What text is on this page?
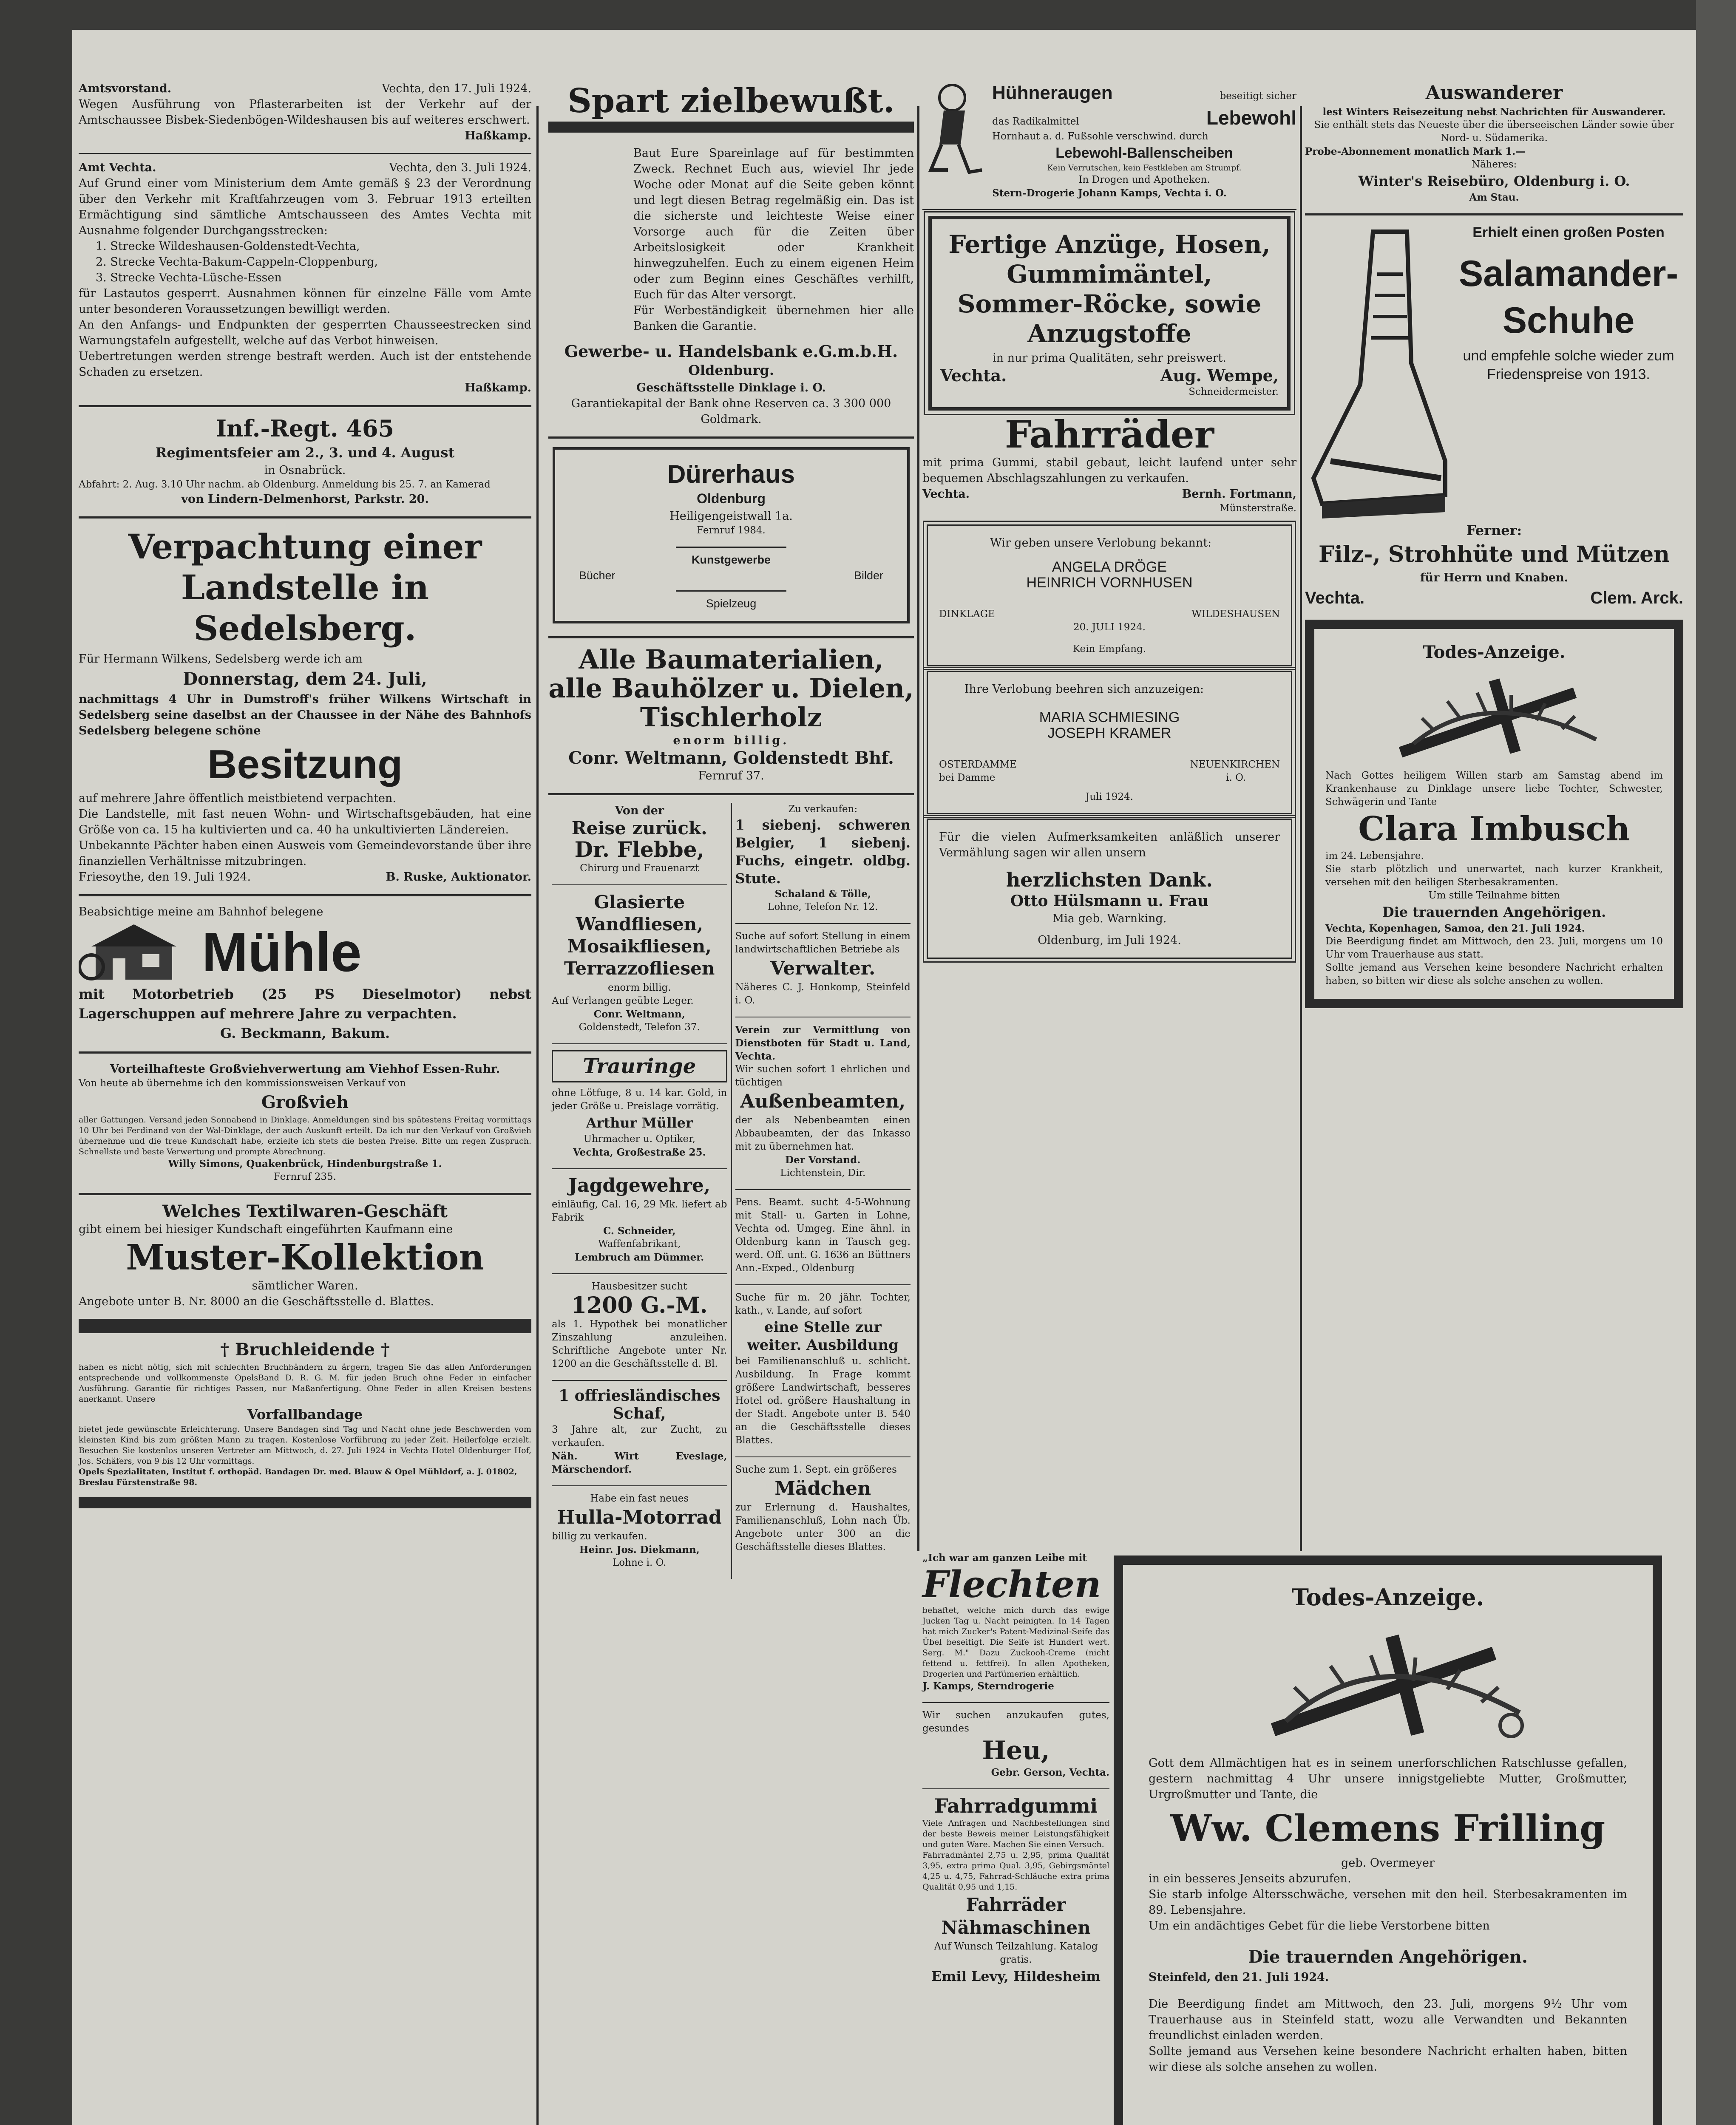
Amtsvorstand.	Vechta, den 17. Juli 1924.

Wegen Ausführung von Pflasterarbeiten ist der Verkehr auf der Amtschaussee Bisbek-Siedenbögen-Wildeshausen bis auf weiteres erschwert.

Haßkamp.

Amt Vechta.	Vechta, den 3. Juli 1924.

Auf Grund einer vom Ministerium dem Amte gemäß § 23 der Verordnung über den Verkehr mit Kraftfahrzeugen vom 3. Februar 1913 erteilten Ermächtigung sind sämtliche Amtschausseen des Amtes Vechta mit Ausnahme folgender Durchgangsstrecken:

1. Strecke Wildeshausen-Goldenstedt-Vechta,

2. Strecke Vechta-Bakum-Cappeln-Cloppenburg,

3. Strecke Vechta-Lüsche-Essen

für Lastautos gesperrt. Ausnahmen können für einzelne Fälle vom Amte unter besonderen Voraussetzungen bewilligt werden.

An den Anfangs- und Endpunkten der gesperrten Chausseestrecken sind Warnungstafeln aufgestellt, welche auf das Verbot hinweisen.

Uebertretungen werden strenge bestraft werden. Auch ist der entstehende Schaden zu ersetzen.

Haßkamp.

Inf.-Regt. 465

Regimentsfeier am 2., 3. und 4. August

in Osnabrück.

Abfahrt: 2. Aug. 3.10 Uhr nachm. ab Oldenburg. Anmeldung bis 25. 7. an Kamerad

von Lindern-Delmenhorst, Parkstr. 20.

Verpachtung einer Landstelle in Sedelsberg.

Für Hermann Wilkens, Sedelsberg werde ich am

Donnerstag, dem 24. Juli,

nachmittags 4 Uhr in Dumstroff's früher Wilkens Wirtschaft in Sedelsberg seine daselbst an der Chaussee in der Nähe des Bahnhofs Sedelsberg belegene schöne

Besitzung

auf mehrere Jahre öffentlich meistbietend verpachten.

Die Landstelle, mit fast neuen Wohn- und Wirtschaftsgebäuden, hat eine Größe von ca. 15 ha kultivierten und ca. 40 ha unkultivierten Ländereien.

Unbekannte Pächter haben einen Ausweis vom Gemeindevorstande über ihre finanziellen Verhältnisse mitzubringen.

Friesoythe, den 19. Juli 1924.	B. Ruske, Auktionator.

Beabsichtige meine am Bahnhof belegene

Mühle

mit Motorbetrieb (25 PS Dieselmotor) nebst Lagerschuppen auf mehrere Jahre zu verpachten.

G. Beckmann, Bakum.

Vorteilhafteste Großviehverwertung am Viehhof Essen-Ruhr.

Von heute ab übernehme ich den kommissionsweisen Verkauf von

Großvieh

aller Gattungen. Versand jeden Sonnabend in Dinklage. Anmeldungen sind bis spätestens Freitag vormittags 10 Uhr bei Ferdinand von der Wal-Dinklage, der auch Auskunft erteilt. Da ich nur den Verkauf von Großvieh übernehme und die treue Kundschaft habe, erzielte ich stets die besten Preise. Bitte um regen Zuspruch. Schnellste und beste Verwertung und prompte Abrechnung.

Willy Simons, Quakenbrück, Hindenburgstraße 1.

Fernruf 235.

Welches Textilwaren-Geschäft

gibt einem bei hiesiger Kundschaft eingeführten Kaufmann eine

Muster-Kollektion

sämtlicher Waren.

Angebote unter B. Nr. 8000 an die Geschäftsstelle d. Blattes.

† Bruchleidende †

haben es nicht nötig, sich mit schlechten Bruchbändern zu ärgern, tragen Sie das allen Anforderungen entsprechende und vollkommenste OpelsBand D. R. G. M. für jeden Bruch ohne Feder in einfacher Ausführung. Garantie für richtiges Passen, nur Maßanfertigung. Ohne Feder in allen Kreisen bestens anerkannt. Unsere

Vorfallbandage

bietet jede gewünschte Erleichterung. Unsere Bandagen sind Tag und Nacht ohne jede Beschwerden vom kleinsten Kind bis zum größten Mann zu tragen. Kostenlose Vorführung zu jeder Zeit. Heilerfolge erzielt. Besuchen Sie kostenlos unseren Vertreter am Mittwoch, d. 27. Juli 1924 in Vechta Hotel Oldenburger Hof, Jos. Schäfers, von 9 bis 12 Uhr vormittags.

Opels Spezialitaten, Institut f. orthopäd. Bandagen Dr. med. Blauw & Opel Mühldorf, a. J. 01802,

Breslau Fürstenstraße 98.

Spart zielbewußt.

Baut Eure Spareinlage auf für bestimmten Zweck. Rechnet Euch aus, wieviel Ihr jede Woche oder Monat auf die Seite geben könnt und legt diesen Betrag regelmäßig ein. Das ist die sicherste und leichteste Weise einer Vorsorge auch für die Zeiten über Arbeitslosigkeit oder Krankheit hinwegzuhelfen. Euch zu einem eigenen Heim oder zum Beginn eines Geschäftes verhilft, Euch für das Alter versorgt.

Für Werbeständigkeit übernehmen hier alle Banken die Garantie.

Gewerbe- u. Handelsbank e.G.m.b.H.

Oldenburg.

Geschäftsstelle Dinklage i. O.

Garantiekapital der Bank ohne Reserven ca. 3 300 000 Goldmark.

Dürerhaus

Oldenburg

Heiligengeistwall 1a.

Fernruf 1984.

Kunstgewerbe

Bücher	Bilder

Spielzeug

Alle Baumaterialien,

alle Bauhölzer u. Dielen,

Tischlerholz

enorm billig.

Conr. Weltmann, Goldenstedt Bhf.

Fernruf 37.

Von der

Reise zurück.

Dr. Flebbe,

Chirurg und Frauenarzt

Glasierte Wandfliesen, Mosaikfliesen, Terrazzofliesen

enorm billig.

Auf Verlangen geübte Leger.

Conr. Weltmann,

Goldenstedt, Telefon 37.

Trauringe

ohne Lötfuge, 8 u. 14 kar. Gold, in jeder Größe u. Preislage vorrätig.

Arthur Müller

Uhrmacher u. Optiker,

Vechta, Großestraße 25.

Jagdgewehre,

einläufig, Cal. 16, 29 Mk. liefert ab Fabrik

C. Schneider,

Waffenfabrikant,

Lembruch am Dümmer.

Hausbesitzer sucht

1200 G.-M.

als 1. Hypothek bei monatlicher Zinszahlung anzuleihen. Schriftliche Angebote unter Nr. 1200 an die Geschäftsstelle d. Bl.

1 offriesländisches Schaf,

3 Jahre alt, zur Zucht, zu verkaufen.

Näh. Wirt Eveslage, Märschendorf.

Habe ein fast neues

Hulla-Motorrad

billig zu verkaufen.

Heinr. Jos. Diekmann,

Lohne i. O.

Zu verkaufen:

1 siebenj. schweren Belgier, 1 siebenj. Fuchs, eingetr. oldbg. Stute.

Schaland & Tölle,

Lohne, Telefon Nr. 12.

Suche auf sofort Stellung in einem landwirtschaftlichen Betriebe als

Verwalter.

Näheres C. J. Honkomp, Steinfeld i. O.

Verein zur Vermittlung von Dienstboten für Stadt u. Land, Vechta.

Wir suchen sofort 1 ehrlichen und tüchtigen

Außenbeamten,

der als Nebenbeamten einen Abbaubeamten, der das Inkasso mit zu übernehmen hat.

Der Vorstand.

Lichtenstein, Dir.

Pens. Beamt. sucht 4-5-Wohnung mit Stall- u. Garten in Lohne, Vechta od. Umgeg. Eine ähnl. in Oldenburg kann in Tausch geg. werd. Off. unt. G. 1636 an Büttners Ann.-Exped., Oldenburg

Suche für m. 20 jähr. Tochter, kath., v. Lande, auf sofort

eine Stelle zur weiter. Ausbildung

bei Familienanschluß u. schlicht. Ausbildung. In Frage kommt größere Landwirtschaft, besseres Hotel od. größere Haushaltung in der Stadt. Angebote unter B. 540 an die Geschäftsstelle dieses Blattes.

Suche zum 1. Sept. ein größeres

Mädchen

zur Erlernung d. Haushaltes, Familienanschluß, Lohn nach Üb. Angebote unter 300 an die Geschäftsstelle dieses Blattes.

Hühneraugen	beseitigt sicher
das Radikalmittel	Lebewohl

Hornhaut a. d. Fußsohle verschwind. durch

Lebewohl-Ballenscheiben

Kein Verrutschen, kein Festkleben am Strumpf.

In Drogen und Apotheken.

Stern-Drogerie Johann Kamps, Vechta i. O.

Fertige Anzüge, Hosen, Gummimäntel, Sommer-Röcke, sowie Anzugstoffe

in nur prima Qualitäten, sehr preiswert.

Vechta.	Aug. Wempe,

Schneidermeister.

Fahrräder

mit prima Gummi, stabil gebaut, leicht laufend unter sehr bequemen Abschlagszahlungen zu verkaufen.

Vechta.	Bernh. Fortmann,

Münsterstraße.

Wir geben unsere Verlobung bekannt:

ANGELA DRÖGE

HEINRICH VORNHUSEN

DINKLAGE	WILDESHAUSEN

20. JULI 1924.

Kein Empfang.

Ihre Verlobung beehren sich anzuzeigen:

MARIA SCHMIESING

JOSEPH KRAMER

OSTERDAMME	NEUENKIRCHEN
bei Damme	i. O.

Juli 1924.

Für die vielen Aufmerksamkeiten anläßlich unserer Vermählung sagen wir allen unsern

herzlichsten Dank.

Otto Hülsmann u. Frau

Mia geb. Warnking.

Oldenburg, im Juli 1924.

„Ich war am ganzen Leibe mit

Flechten

behaftet, welche mich durch das ewige Jucken Tag u. Nacht peinigten. In 14 Tagen hat mich Zucker's Patent-Medizinal-Seife das Übel beseitigt. Die Seife ist Hundert wert. Serg. M." Dazu Zuckooh-Creme (nicht fettend u. fettfrei). In allen Apotheken, Drogerien und Parfümerien erhältlich.

J. Kamps, Sterndrogerie

Wir suchen anzukaufen gutes, gesundes

Heu,

Gebr. Gerson, Vechta.

Fahrradgummi

Viele Anfragen und Nachbestellungen sind der beste Beweis meiner Leistungsfähigkeit und guten Ware. Machen Sie einen Versuch.

Fahrradmäntel 2,75 u. 2,95, prima Qualität 3,95, extra prima Qual. 3,95, Gebirgsmäntel 4,25 u. 4,75, Fahrrad-Schläuche extra prima Qualität 0,95 und 1,15.

Fahrräder

Nähmaschinen

Auf Wunsch Teilzahlung. Katalog gratis.

Emil Levy, Hildesheim

Auswanderer

lest Winters Reisezeitung nebst Nachrichten für Auswanderer.

Sie enthält stets das Neueste über die überseeischen Länder sowie über Nord- u. Südamerika.

Probe-Abonnement monatlich Mark 1.—

Näheres:

Winter's Reisebüro, Oldenburg i. O.

Am Stau.

Erhielt einen großen Posten

Salamander-Schuhe

und empfehle solche wieder zum Friedenspreise von 1913.

Ferner:

Filz-, Strohhüte und Mützen

für Herrn und Knaben.

Vechta.	Clem. Arck.

Todes-Anzeige.

Nach Gottes heiligem Willen starb am Samstag abend im Krankenhause zu Dinklage unsere liebe Tochter, Schwester, Schwägerin und Tante

Clara Imbusch

im 24. Lebensjahre.

Sie starb plötzlich und unerwartet, nach kurzer Krankheit, versehen mit den heiligen Sterbesakramenten.

Um stille Teilnahme bitten

Die trauernden Angehörigen.

Vechta, Kopenhagen, Samoa, den 21. Juli 1924.

Die Beerdigung findet am Mittwoch, den 23. Juli, morgens um 10 Uhr vom Trauerhause aus statt.

Sollte jemand aus Versehen keine besondere Nachricht erhalten haben, so bitten wir diese als solche ansehen zu wollen.

Todes-Anzeige.

Gott dem Allmächtigen hat es in seinem unerforschlichen Ratschlusse gefallen, gestern nachmittag 4 Uhr unsere innigstgeliebte Mutter, Großmutter, Urgroßmutter und Tante, die

Ww. Clemens Frilling

geb. Overmeyer

in ein besseres Jenseits abzurufen.

Sie starb infolge Altersschwäche, versehen mit den heil. Sterbesakramenten im 89. Lebensjahre.

Um ein andächtiges Gebet für die liebe Verstorbene bitten

Die trauernden Angehörigen.

Steinfeld, den 21. Juli 1924.

Die Beerdigung findet am Mittwoch, den 23. Juli, morgens 9½ Uhr vom Trauerhause aus in Steinfeld statt, wozu alle Verwandten und Bekannten freundlichst einladen werden.

Sollte jemand aus Versehen keine besondere Nachricht erhalten haben, bitten wir diese als solche ansehen zu wollen.
